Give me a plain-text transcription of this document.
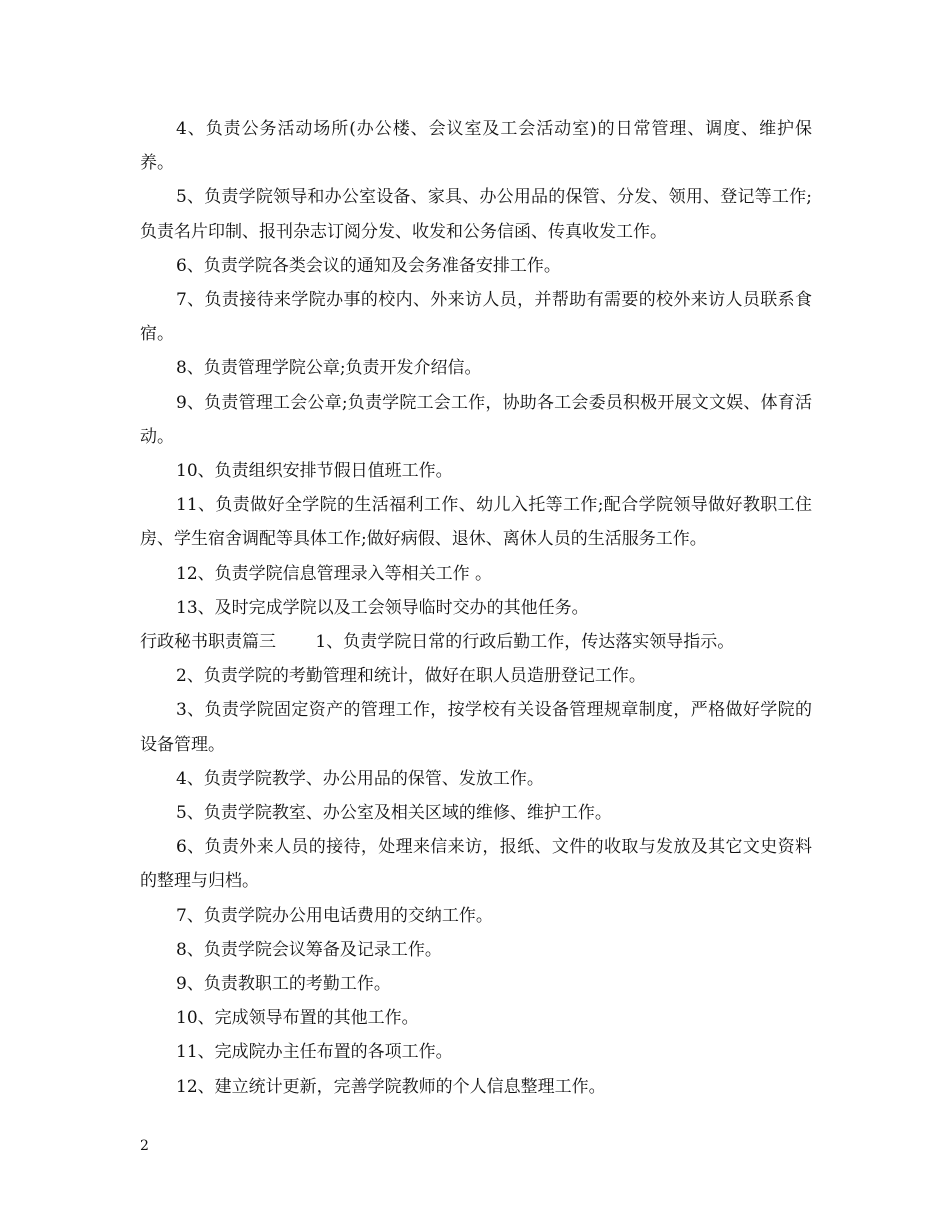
4、负责公务活动场所(办公楼、会议室及工会活动室)的日常管理、调度、维护保养。

5、负责学院领导和办公室设备、家具、办公用品的保管、分发、领用、登记等工作;负责名片印制、报刊杂志订阅分发、收发和公务信函、传真收发工作。

6、负责学院各类会议的通知及会务准备安排工作。

7、负责接待来学院办事的校内、外来访人员，并帮助有需要的校外来访人员联系食宿。

8、负责管理学院公章;负责开发介绍信。

9、负责管理工会公章;负责学院工会工作，协助各工会委员积极开展文文娱、体育活动。

10、负责组织安排节假日值班工作。

11、负责做好全学院的生活福利工作、幼儿入托等工作;配合学院领导做好教职工住房、学生宿舍调配等具体工作;做好病假、退休、离休人员的生活服务工作。

12、负责学院信息管理录入等相关工作 。

13、及时完成学院以及工会领导临时交办的其他任务。

行政秘书职责篇三　　 1、负责学院日常的行政后勤工作，传达落实领导指示。

2、负责学院的考勤管理和统计，做好在职人员造册登记工作。

3、负责学院固定资产的管理工作，按学校有关设备管理规章制度，严格做好学院的设备管理。

4、负责学院教学、办公用品的保管、发放工作。

5、负责学院教室、办公室及相关区域的维修、维护工作。

6、负责外来人员的接待，处理来信来访，报纸、文件的收取与发放及其它文史资料的整理与归档。

7、负责学院办公用电话费用的交纳工作。

8、负责学院会议筹备及记录工作。

9、负责教职工的考勤工作。

10、完成领导布置的其他工作。

11、完成院办主任布置的各项工作。

12、建立统计更新，完善学院教师的个人信息整理工作。

2
